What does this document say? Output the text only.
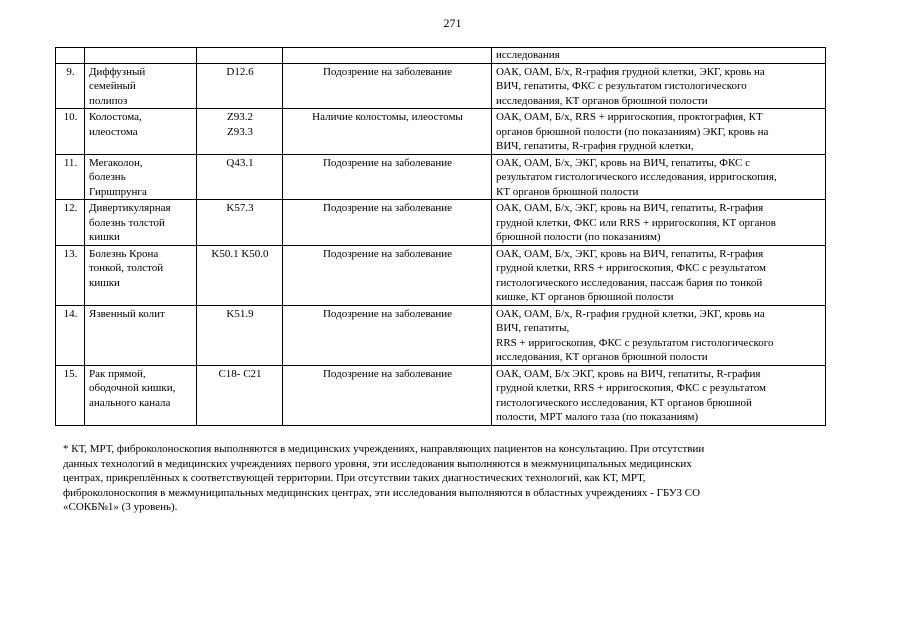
271
				исследования
9.	Диффузный
семейный
полипоз	D12.6	Подозрение на заболевание	ОАК, ОАМ, Б/х, R-графия грудной клетки, ЭКГ, кровь на
ВИЧ, гепатиты, ФКС с результатом гистологического
исследования, КТ органов брюшной полости

10.	Колостома,
илеостома	Z93.2
Z93.3	Наличие колостомы, илеостомы	ОАК, ОАМ, Б/х, RRS + ирригоскопия, проктография, КТ
органов брюшной полости (по показаниям) ЭКГ, кровь на
ВИЧ, гепатиты, R-графия грудной клетки,

11.	Мегаколон,
болезнь
Гиршпрунга	Q43.1	Подозрение на заболевание	ОАК, ОАМ, Б/х, ЭКГ, кровь на ВИЧ, гепатиты, ФКС с
результатом гистологического исследования, ирригоскопия,
КТ органов брюшной полости

12.	Дивертикулярная
болезнь толстой
кишки	K57.3	Подозрение на заболевание	ОАК, ОАМ, Б/х, ЭКГ, кровь на ВИЧ, гепатиты, R-графия
грудной клетки, ФКС или RRS + ирригоскопия, КТ органов
брюшной полости (по показаниям)

13.	Болезнь Крона
тонкой, толстой
кишки	K50.1 K50.0	Подозрение на заболевание	ОАК, ОАМ, Б/х, ЭКГ, кровь на ВИЧ, гепатиты, R-графия
грудной клетки, RRS + ирригоскопия, ФКС с результатом
гистологического исследования, пассаж бария по тонкой
кишке, КТ органов брюшной полости

14.	Язвенный колит	K51.9	Подозрение на заболевание	ОАК, ОАМ, Б/х, R-графия грудной клетки, ЭКГ, кровь на
ВИЧ, гепатиты,
RRS + ирригоскопия, ФКС с результатом гистологического
исследования, КТ органов брюшной полости

15.	Рак прямой,
ободочной кишки,
анального канала	C18- C21	Подозрение на заболевание	ОАК, ОАМ, Б/х ЭКГ, кровь на ВИЧ, гепатиты, R-графия
грудной клетки, RRS + ирригоскопия, ФКС с результатом
гистологического исследования, КТ органов брюшной
полости, МРТ малого таза (по показаниям)
* КТ, МРТ, фиброколоноскопия выполняются в медицинских учреждениях, направляющих пациентов на консультацию. При отсутствии
данных технологий в медицинских учреждениях первого уровня, эти исследования выполняются в межмуниципальных медицинских
центрах, прикреплённых к соответствующей территории. При отсутствии таких диагностических технологий, как КТ, МРТ,
фиброколоноскопия в межмуниципальных медицинских центрах, эти исследования выполняются в областных учреждениях - ГБУЗ СО
«СОКБ№1» (3 уровень).
